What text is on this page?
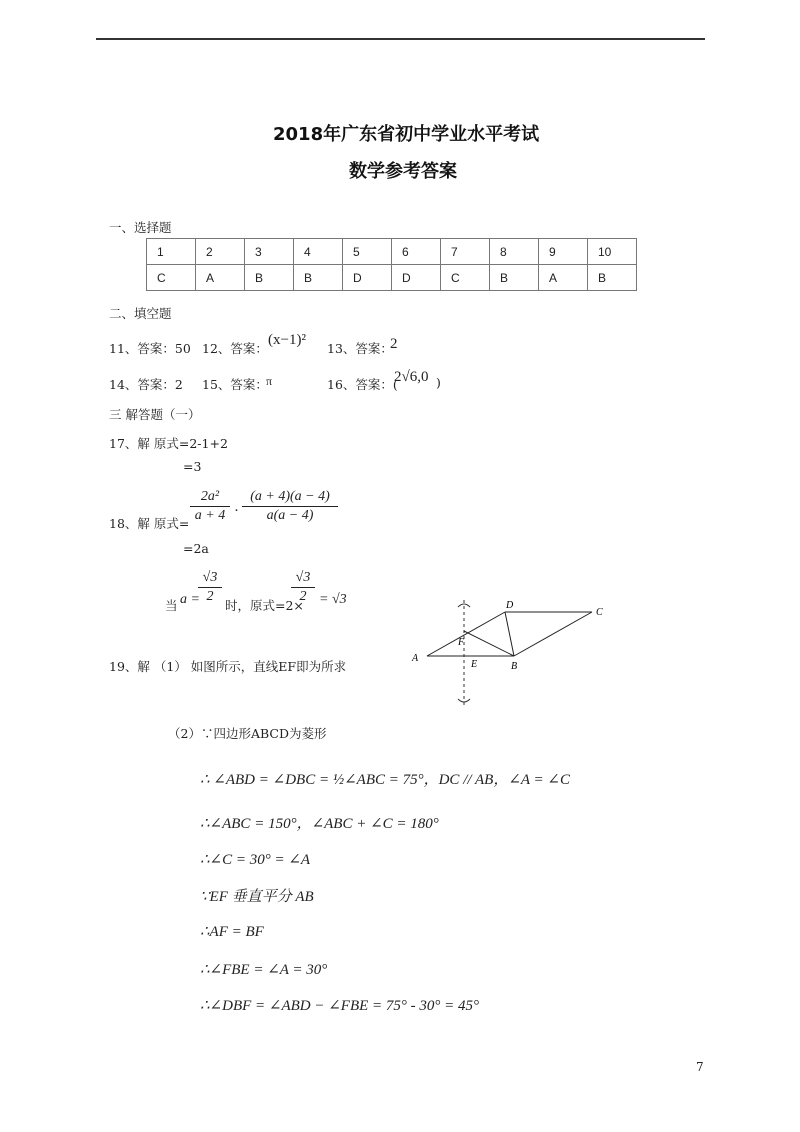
2018年广东省初中学业水平考试
数学参考答案
一、选择题
1	2	3	4	5	6	7	8	9	10
C	A	B	B	D	D	C	B	A	B
二、填空题
11、答案：50 12、答案：
(x−1)²
13、答案：
2
14、答案：2 15、答案：
π	16、答案：(
2√6,0 )
三 解答题（一）
17、解 原式=2-1+2
=3
18、解 原式=
2a²
a + 4 ·
(a + 4)(a − 4)
a(a − 4)
=2a
当 a =
√3
2
时，原式=2×
√3
2 = √3
19、解 （1） 如图所示，直线EF即为所求
A
B
C
D
E
F
（2）∵四边形ABCD为菱形
∴ ∠ABD = ∠DBC = ½∠ABC = 75°，DC // AB，∠A = ∠C
∴∠ABC = 150°，∠ABC + ∠C = 180°
∴∠C = 30° = ∠A
∵EF 垂直平分 AB
∴AF = BF
∴∠FBE = ∠A = 30°
∴∠DBF = ∠ABD − ∠FBE = 75° - 30° = 45°
7
